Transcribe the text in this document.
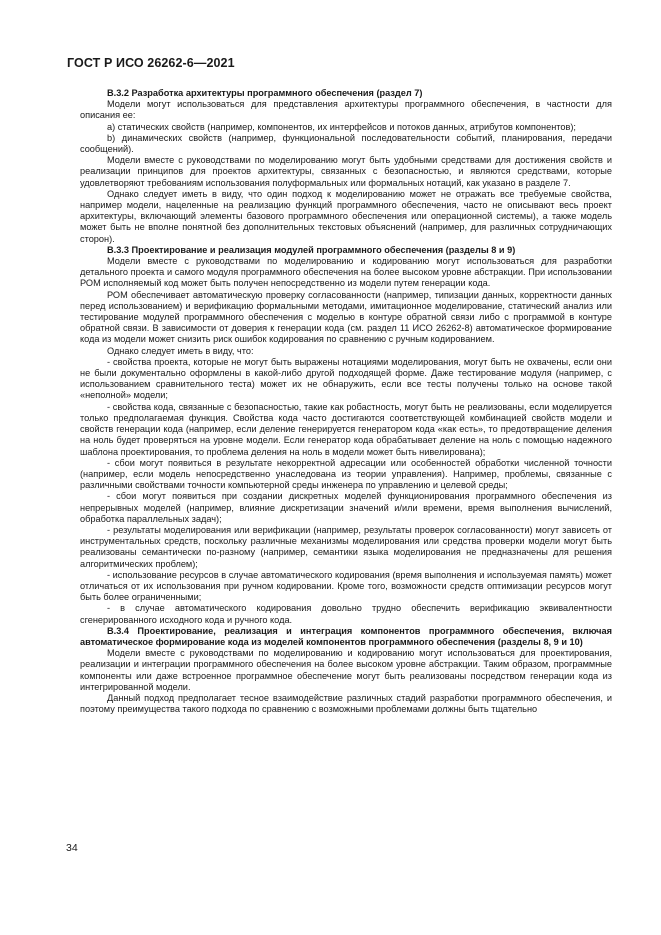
ГОСТ Р ИСО 26262-6—2021

B.3.2 Разработка архитектуры программного обеспечения (раздел 7)

Модели могут использоваться для представления архитектуры программного обеспечения, в частности для описания ее:

а) статических свойств (например, компонентов, их интерфейсов и потоков данных, атрибутов компонентов);

b) динамических свойств (например, функциональной последовательности событий, планирования, передачи сообщений).

Модели вместе с руководствами по моделированию могут быть удобными средствами для достижения свойств и реализации принципов для проектов архитектуры, связанных с безопасностью, и являются средствами, которые удовлетворяют требованиям использования полуформальных или формальных нотаций, как указано в разделе 7.

Однако следует иметь в виду, что один подход к моделированию может не отражать все требуемые свойства, например модели, нацеленные на реализацию функций программного обеспечения, часто не описывают весь проект архитектуры, включающий элементы базового программного обеспечения или операционной системы), а также модель может быть не вполне понятной без дополнительных текстовых объяснений (например, для различных сотрудничающих сторон).

B.3.3 Проектирование и реализация модулей программного обеспечения (разделы 8 и 9)

Модели вместе с руководствами по моделированию и кодированию могут использоваться для разработки детального проекта и самого модуля программного обеспечения на более высоком уровне абстракции. При использовании РОМ исполняемый код может быть получен непосредственно из модели путем генерации кода.

РОМ обеспечивает автоматическую проверку согласованности (например, типизации данных, корректности данных перед использованием) и верификацию формальными методами, имитационное моделирование, статический анализ или тестирование модулей программного обеспечения с моделью в контуре обратной связи либо с программой в контуре обратной связи. В зависимости от доверия к генерации кода (см. раздел 11 ИСО 26262-8) автоматическое формирование кода из модели может снизить риск ошибок кодирования по сравнению с ручным кодированием.

Однако следует иметь в виду, что:

- свойства проекта, которые не могут быть выражены нотациями моделирования, могут быть не охвачены, если они не были документально оформлены в какой-либо другой подходящей форме. Даже тестирование модуля (например, с использованием сравнительного теста) может их не обнаружить, если все тесты получены только на основе такой «неполной» модели;

- свойства кода, связанные с безопасностью, такие как робастность, могут быть не реализованы, если моделируется только предполагаемая функция. Свойства кода часто достигаются соответствующей комбинацией свойств модели и свойств генерации кода (например, если деление генерируется генератором кода «как есть», то предотвращение деления на ноль будет проверяться на уровне модели. Если генератор кода обрабатывает деление на ноль с помощью надежного шаблона проектирования, то проблема деления на ноль в модели может быть нивелирована);

- сбои могут появиться в результате некорректной адресации или особенностей обработки численной точности (например, если модель непосредственно унаследована из теории управления). Например, проблемы, связанные с различными свойствами точности компьютерной среды инженера по управлению и целевой среды;

- сбои могут появиться при создании дискретных моделей функционирования программного обеспечения из непрерывных моделей (например, влияние дискретизации значений и/или времени, время выполнения вычислений, обработка параллельных задач);

- результаты моделирования или верификации (например, результаты проверок согласованности) могут зависеть от инструментальных средств, поскольку различные механизмы моделирования или средства проверки модели могут быть реализованы семантически по-разному (например, семантики языка моделирования не предназначены для решения алгоритмических проблем);

- использование ресурсов в случае автоматического кодирования (время выполнения и используемая память) может отличаться от их использования при ручном кодировании. Кроме того, возможности средств оптимизации ресурсов могут быть более ограниченными;

- в случае автоматического кодирования довольно трудно обеспечить верификацию эквивалентности сгенерированного исходного кода и ручного кода.

B.3.4 Проектирование, реализация и интеграция компонентов программного обеспечения, включая автоматическое формирование кода из моделей компонентов программного обеспечения (разделы 8, 9 и 10)

Модели вместе с руководствами по моделированию и кодированию могут использоваться для проектирования, реализации и интеграции программного обеспечения на более высоком уровне абстракции. Таким образом, программные компоненты или даже встроенное программное обеспечение могут быть реализованы посредством генерации кода из интегрированной модели.

Данный подход предполагает тесное взаимодействие различных стадий разработки программного обеспечения, и поэтому преимущества такого подхода по сравнению с возможными проблемами должны быть тщательно

34
